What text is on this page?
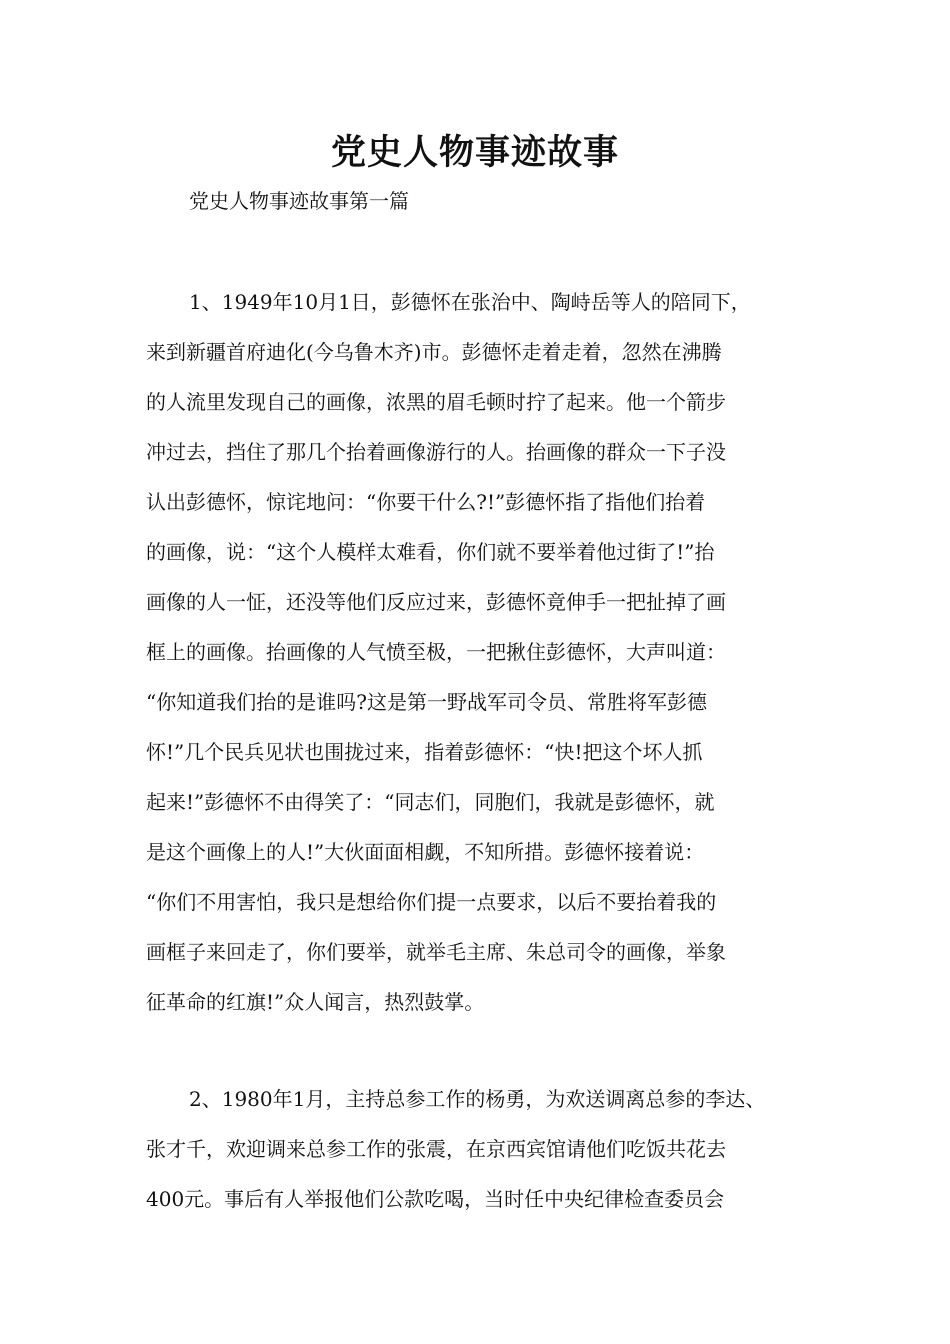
党史人物事迹故事

党史人物事迹故事第一篇

1、1949年10月1日，彭德怀在张治中、陶峙岳等人的陪同下，
来到新疆首府迪化(今乌鲁木齐)市。彭德怀走着走着，忽然在沸腾
的人流里发现自己的画像，浓黑的眉毛顿时拧了起来。他一个箭步
冲过去，挡住了那几个抬着画像游行的人。抬画像的群众一下子没
认出彭德怀，惊诧地问：“你要干什么?!”彭德怀指了指他们抬着
的画像，说：“这个人模样太难看，你们就不要举着他过街了!”抬
画像的人一怔，还没等他们反应过来，彭德怀竟伸手一把扯掉了画
框上的画像。抬画像的人气愤至极，一把揪住彭德怀，大声叫道：
“你知道我们抬的是谁吗?这是第一野战军司令员、常胜将军彭德
怀!”几个民兵见状也围拢过来，指着彭德怀：“快!把这个坏人抓
起来!”彭德怀不由得笑了：“同志们，同胞们，我就是彭德怀，就
是这个画像上的人!”大伙面面相觑，不知所措。彭德怀接着说：
“你们不用害怕，我只是想给你们提一点要求，以后不要抬着我的
画框子来回走了，你们要举，就举毛主席、朱总司令的画像，举象
征革命的红旗!”众人闻言，热烈鼓掌。
2、1980年1月，主持总参工作的杨勇，为欢送调离总参的李达、
张才千，欢迎调来总参工作的张震，在京西宾馆请他们吃饭共花去
400元。事后有人举报他们公款吃喝，当时任中央纪律检查委员会
